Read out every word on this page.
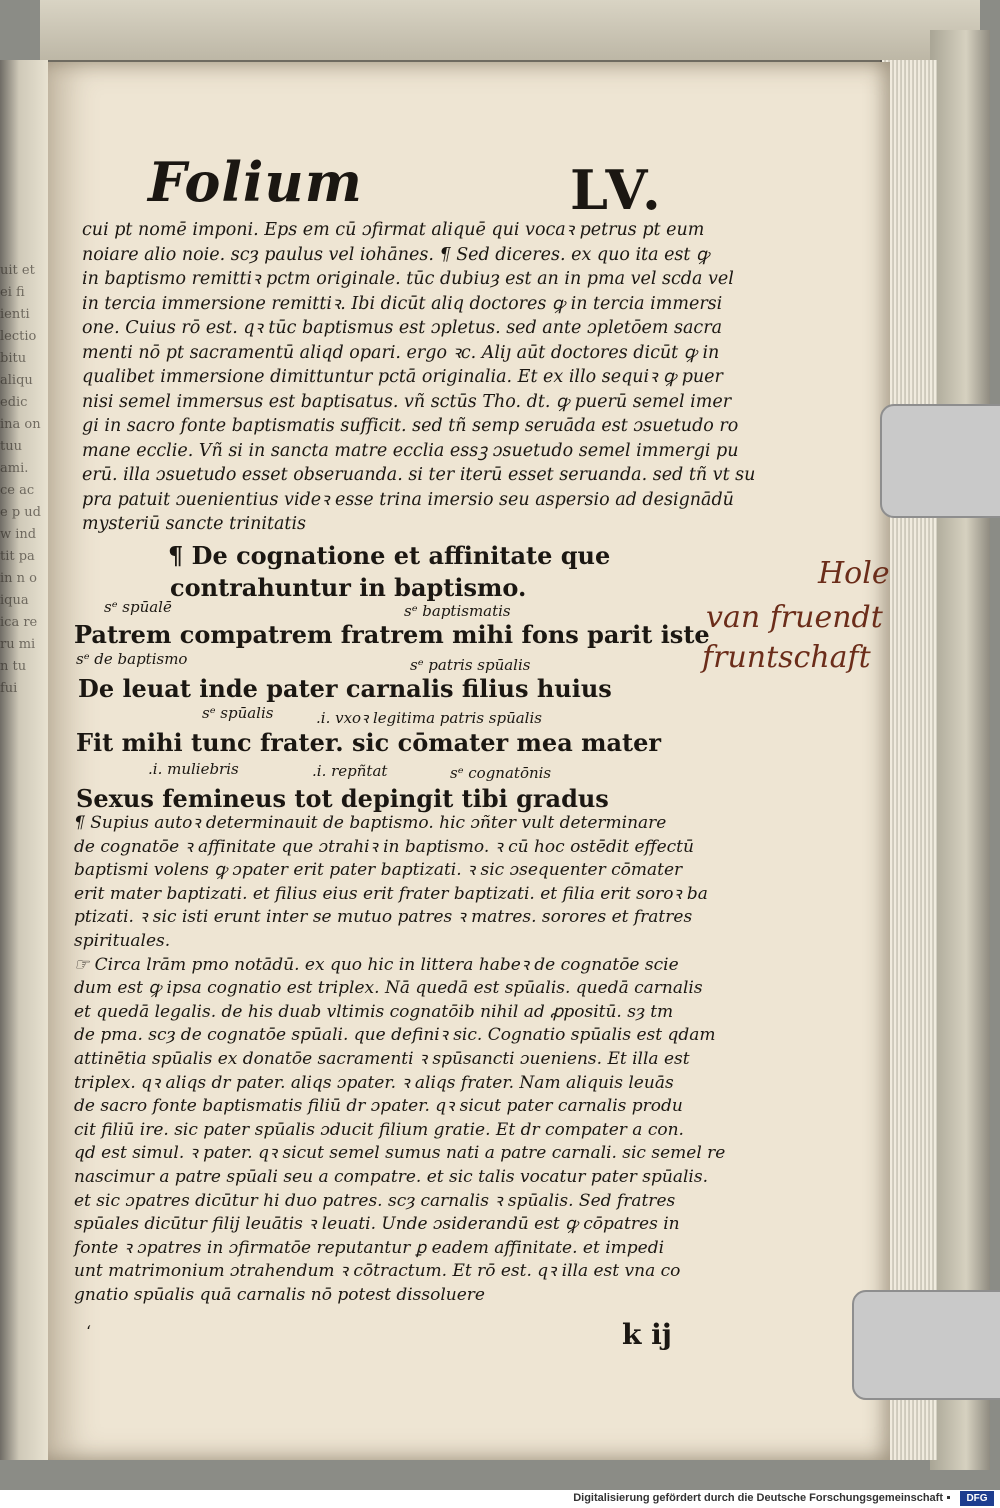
uit et ei fi ienti lectio bitu aliqu edic ina on tuu ami. ce ac e p ud w ind tit pa in n o iqua ica re ru mi n tu fui
Folium	LV.
cui pt nomē imponi. Eps em cū ɔfirmat aliquē qui vocaꝛ petrus pt eum
noiare alio noie. scȝ paulus vel iohānes. ¶ Sed diceres. ex quo ita est ꝙ
in baptismo remittiꝛ pctm originale. tūc dubiuȝ est an in pma vel scda vel
in tercia immersione remittiꝛ. Ibi dicūt aliq doctores ꝙ in tercia immersi
one. Cuius rō est. qꝛ tūc baptismus est ɔpletus. sed ante ɔpletōem sacra
menti nō pt sacramentū aliqd opari. ergo ꝛc. Aliȷ aūt doctores dicūt ꝙ in
qualibet immersione dimittuntur pctā originalia. Et ex illo sequiꝛ ꝙ puer
nisi semel immersus est baptisatus. vñ sctūs Tho. dt. ꝙ puerū semel imer
gi in sacro fonte baptismatis sufficit. sed tñ semp seruāda est ɔsuetudo ro
mane ecclie. Vñ si in sancta matre ecclia essꝫ ɔsuetudo semel immergi pu
erū. illa ɔsuetudo esset obseruanda. si ter iterū esset seruanda. sed tñ vt su
pra patuit ɔuenientius videꝛ esse trina imersio seu aspersio ad designādū
mysteriū sancte trinitatis
¶ De cognatione et affinitate que
contrahuntur in baptismo.
sᵉ spūalē	sᵉ baptismatis
Patrem compatrem fratrem mihi fons parit iste
sᵉ de baptismo	sᵉ patris spūalis
De leuat inde pater carnalis filius huius
sᵉ spūalis	.i. vxoꝛ legitima patris spūalis
Fit mihi tunc frater. sic cōmater mea mater
.i. muliebris	.i. repñtat	sᵉ cognatōnis
Sexus femineus tot depingit tibi gradus
¶ Supius autoꝛ determinauit de baptismo. hic ɔñter vult determinare
de cognatōe ꝛ affinitate que ɔtrahiꝛ in baptismo. ꝛ cū hoc ostēdit effectū
baptismi volens ꝙ ɔpater erit pater baptizati. ꝛ sic ɔsequenter cōmater
erit mater baptizati. et filius eius erit frater baptizati. et filia erit soroꝛ ba
ptizati. ꝛ sic isti erunt inter se mutuo patres ꝛ matres. sorores et fratres
spirituales.
☞ Circa lrām pmo notādū. ex quo hic in littera habeꝛ de cognatōe scie
dum est ꝙ ipsa cognatio est triplex. Nā quedā est spūalis. quedā carnalis
et quedā legalis. de his duab vltimis cognatōib nihil ad ꝓpositū. sȝ tm
de pma. scȝ de cognatōe spūali. que definiꝛ sic. Cognatio spūalis est qdam
attinētia spūalis ex donatōe sacramenti ꝛ spūsancti ɔueniens. Et illa est
triplex. qꝛ aliqs dr pater. aliqs ɔpater. ꝛ aliqs frater. Nam aliquis leuās
de sacro fonte baptismatis filiū dr ɔpater. qꝛ sicut pater carnalis produ
cit filiū ire. sic pater spūalis ɔducit filium gratie. Et dr compater a con.
qd est simul. ꝛ pater. qꝛ sicut semel sumus nati a patre carnali. sic semel re
nascimur a patre spūali seu a compatre. et sic talis vocatur pater spūalis.
et sic ɔpatres dicūtur hi duo patres. scȝ carnalis ꝛ spūalis. Sed fratres
spūales dicūtur filij leuātis ꝛ leuati. Unde ɔsiderandū est ꝙ cōpatres in
fonte ꝛ ɔpatres in ɔfirmatōe reputantur ꝑ eadem affinitate. et impedi
unt matrimonium ɔtrahendum ꝛ cōtractum. Et rō est. qꝛ illa est vna co
gnatio spūalis quā carnalis nō potest dissoluere
‘	k ij
Hole
van fruendt
fruntschaft
Digitalisierung gefördert durch die Deutsche Forschungsgemeinschaft	DFG
